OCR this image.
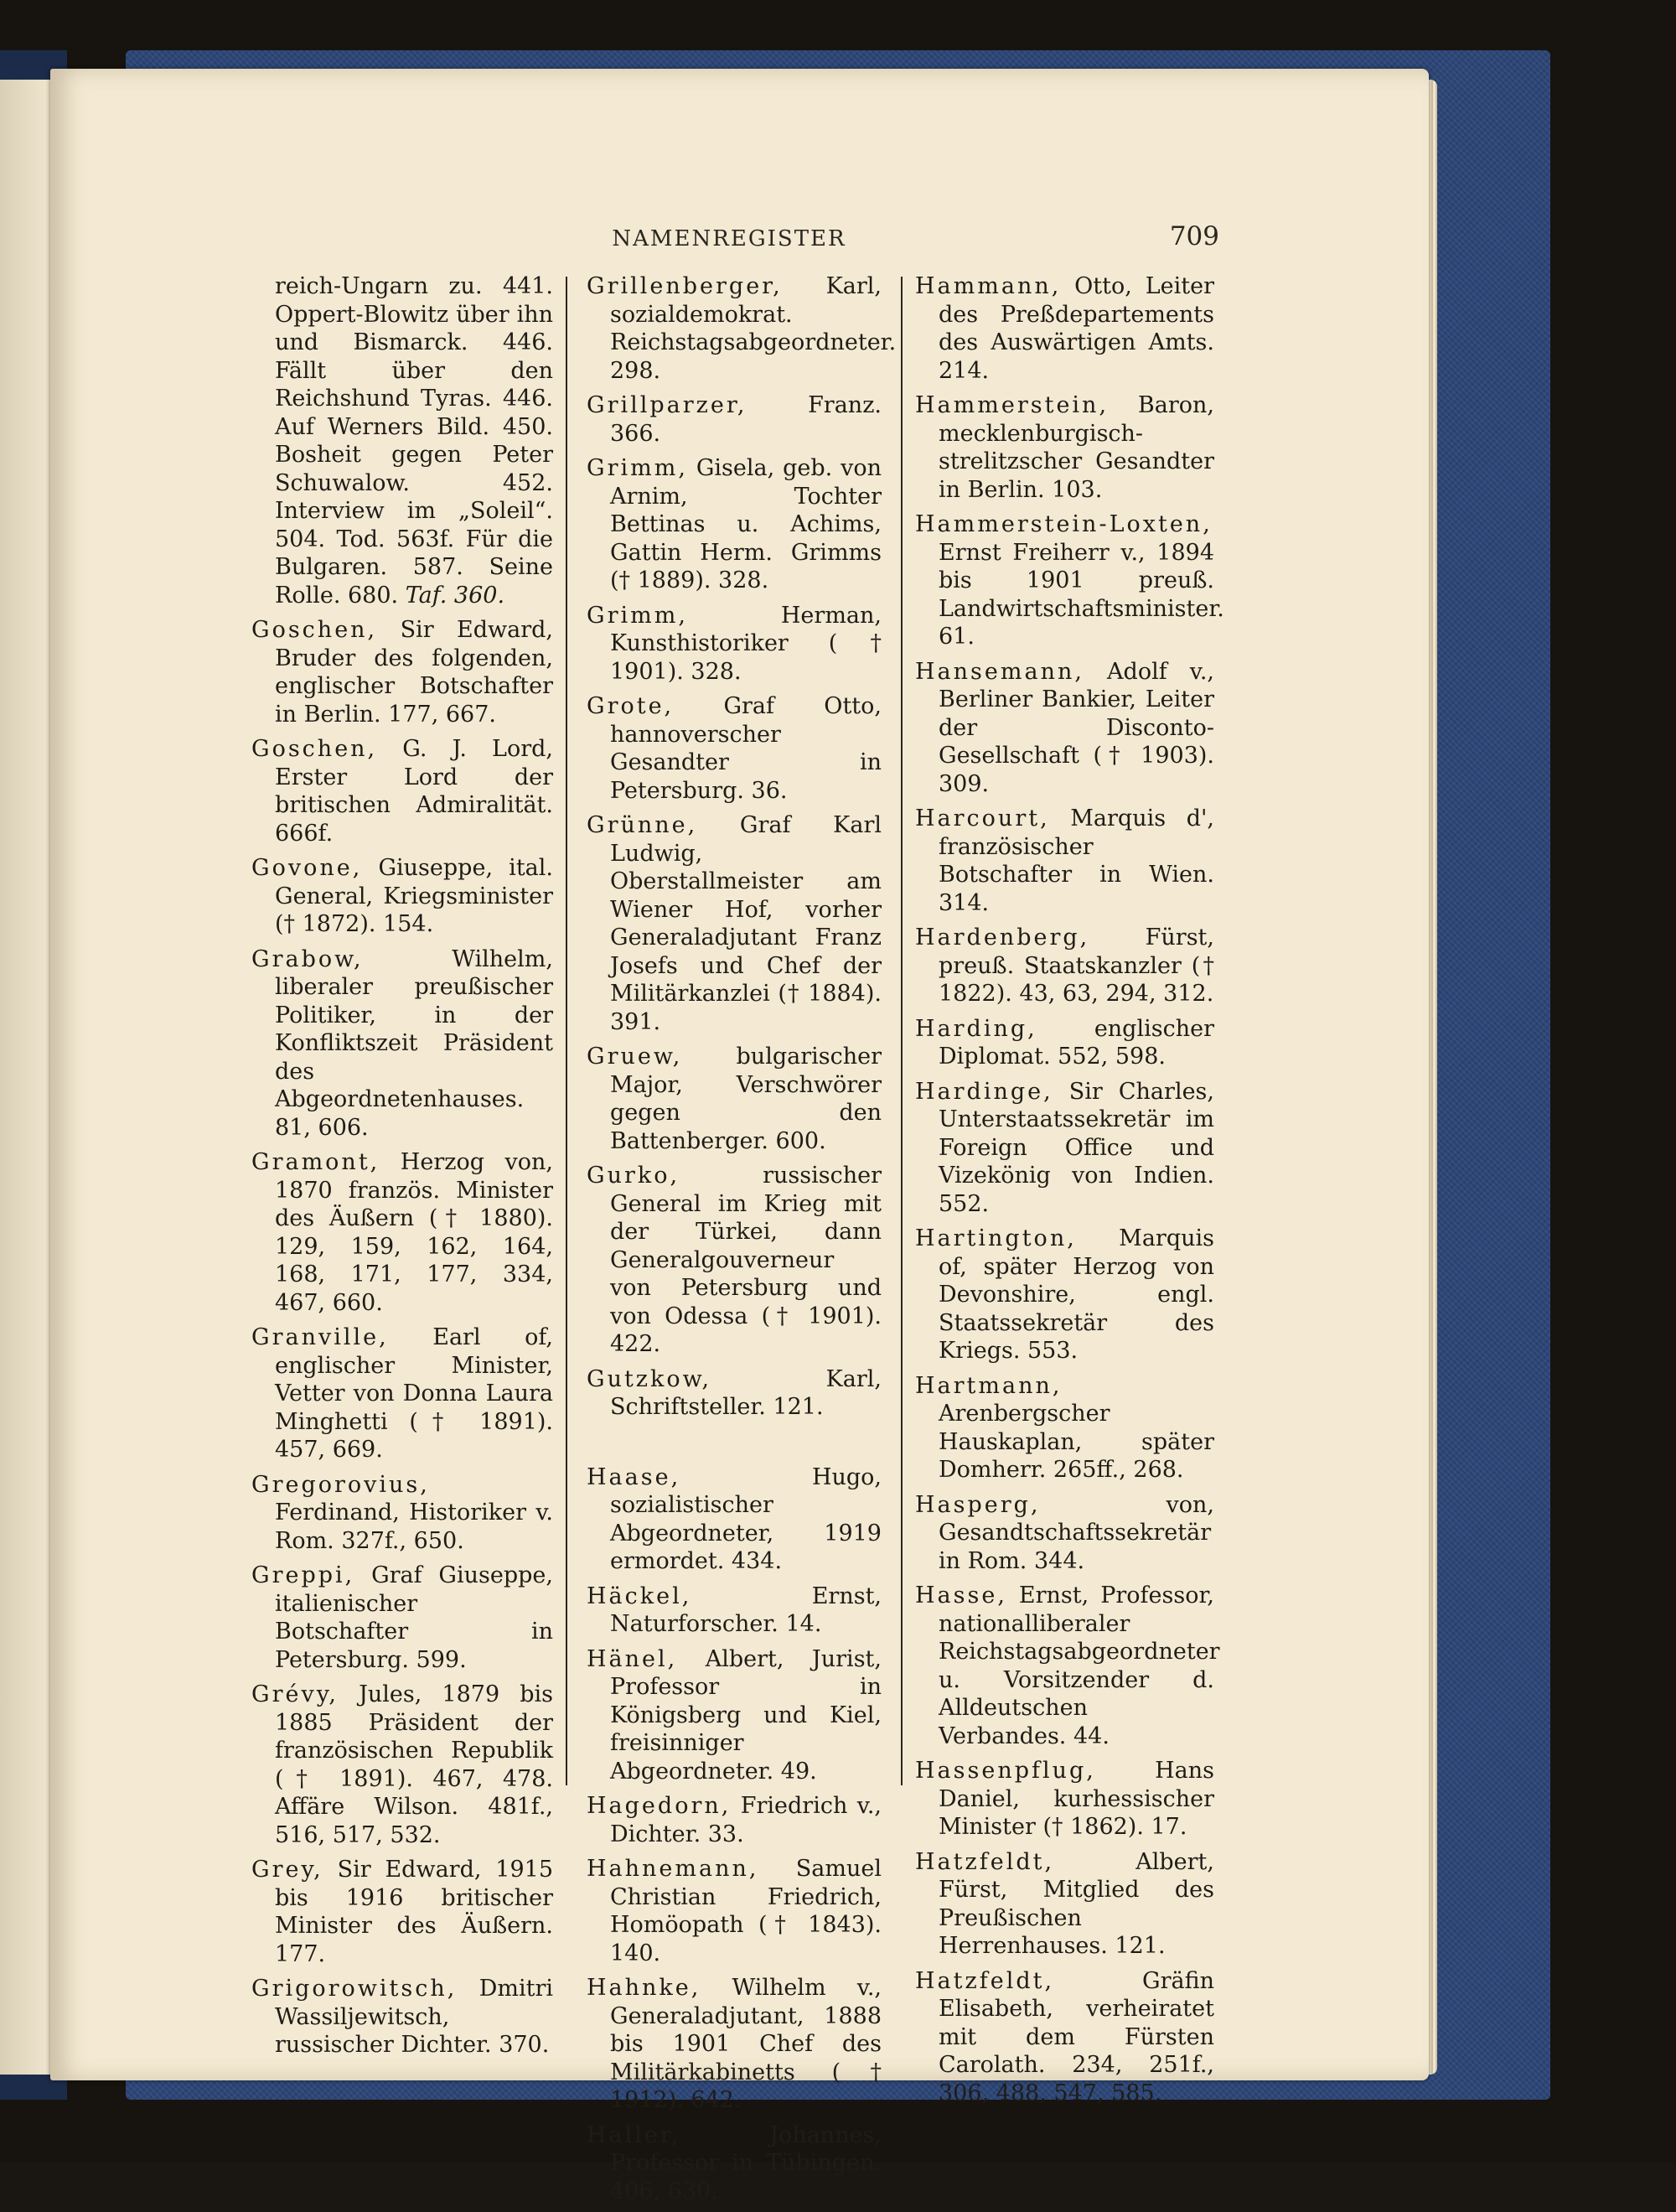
NAMENREGISTER	709

reich-Ungarn zu. 441. Oppert-Blowitz über ihn und Bismarck. 446. Fällt über den Reichshund Tyras. 446. Auf Werners Bild. 450. Bosheit gegen Peter Schuwalow. 452. Interview im „Soleil“. 504. Tod. 563f. Für die Bulgaren. 587. Seine Rolle. 680. Taf. 360.

Goschen, Sir Edward, Bruder des folgenden, englischer Botschafter in Berlin. 177, 667.

Goschen, G. J. Lord, Erster Lord der britischen Admiralität. 666f.

Govone, Giuseppe, ital. General, Kriegsminister († 1872). 154.

Grabow,	Wilhelm, liberaler preußischer Politiker, in der Konfliktszeit Präsident des Abgeordnetenhauses. 81, 606.

Gramont, Herzog von, 1870 französ. Minister des Äußern († 1880). 129, 159, 162, 164, 168, 171, 177, 334, 467, 660.

Granville, Earl of, englischer Minister, Vetter von Donna Laura Minghetti († 1891). 457, 669.

Gregorovius, Ferdinand, Historiker v. Rom. 327f., 650.

Greppi, Graf Giuseppe, italienischer Botschafter in Petersburg. 599.

Grévy, Jules, 1879 bis 1885 Präsident der französischen Republik († 1891). 467, 478. Affäre Wilson. 481f., 516, 517, 532.

Grey, Sir Edward, 1915 bis 1916 britischer Minister des Äußern. 177.

Grigorowitsch, Dmitri Wassiljewitsch, russischer Dichter. 370.

Grillenberger, Karl, sozialdemokrat. Reichstagsabgeordneter. 298.

Grillparzer,	Franz. 366.

Grimm, Gisela, geb. von Arnim, Tochter Bettinas u. Achims, Gattin Herm. Grimms († 1889). 328.

Grimm,	Herman, Kunsthistoriker († 1901). 328.

Grote, Graf Otto, hannoverscher Gesandter in Petersburg. 36.

Grünne, Graf Karl Ludwig, Oberstallmeister am Wiener Hof, vorher Generaladjutant Franz Josefs und Chef der Militärkanzlei († 1884). 391.

Gruew, bulgarischer Major, Verschwörer gegen den Battenberger. 600.

Gurko,	russischer General im Krieg mit der Türkei, dann Generalgouverneur von Petersburg und von Odessa († 1901). 422.

Gutzkow,	Karl, Schriftsteller. 121.

Haase,	Hugo, sozialistischer Abgeordneter, 1919 ermordet. 434.

Häckel,	Ernst, Naturforscher. 14.

Hänel, Albert, Jurist, Professor in Königsberg und Kiel, freisinniger Abgeordneter. 49.

Hagedorn, Friedrich v., Dichter. 33.

Hahnemann, Samuel Christian Friedrich, Homöopath († 1843). 140.

Hahnke, Wilhelm v., Generaladjutant, 1888 bis 1901 Chef des Militärkabinetts († 1912). 642.

Haller,	Johannes, Professor in Tübingen. 406, 630.

Hammann, Otto, Leiter des Preßdepartements des Auswärtigen Amts. 214.

Hammerstein, Baron, mecklenburgisch-strelitzscher Gesandter in Berlin. 103.

Hammerstein-Loxten, Ernst Freiherr v., 1894 bis 1901 preuß. Landwirtschaftsminister. 61.

Hansemann, Adolf v., Berliner Bankier, Leiter der Disconto-Gesellschaft († 1903). 309.

Harcourt, Marquis d', französischer Botschafter in Wien. 314.

Hardenberg, Fürst, preuß. Staatskanzler († 1822). 43, 63, 294, 312.

Harding,	englischer Diplomat. 552, 598.

Hardinge, Sir Charles, Unterstaatssekretär im Foreign Office und Vizekönig von Indien. 552.

Hartington, Marquis of, später Herzog von Devonshire, engl. Staatssekretär des Kriegs. 553.

Hartmann, Arenbergscher Hauskaplan, später Domherr. 265ff., 268.

Hasperg,	von, Gesandtschaftssekretär in Rom. 344.

Hasse, Ernst, Professor, nationalliberaler Reichstagsabgeordneter u. Vorsitzender d. Alldeutschen Verbandes. 44.

Hassenpflug,	Hans Daniel, kurhessischer Minister († 1862). 17.

Hatzfeldt,	Albert, Fürst, Mitglied des Preußischen Herrenhauses. 121.

Hatzfeldt,	Gräfin Elisabeth, verheiratet mit dem Fürsten Carolath. 234, 251f., 306, 488, 547, 585.
